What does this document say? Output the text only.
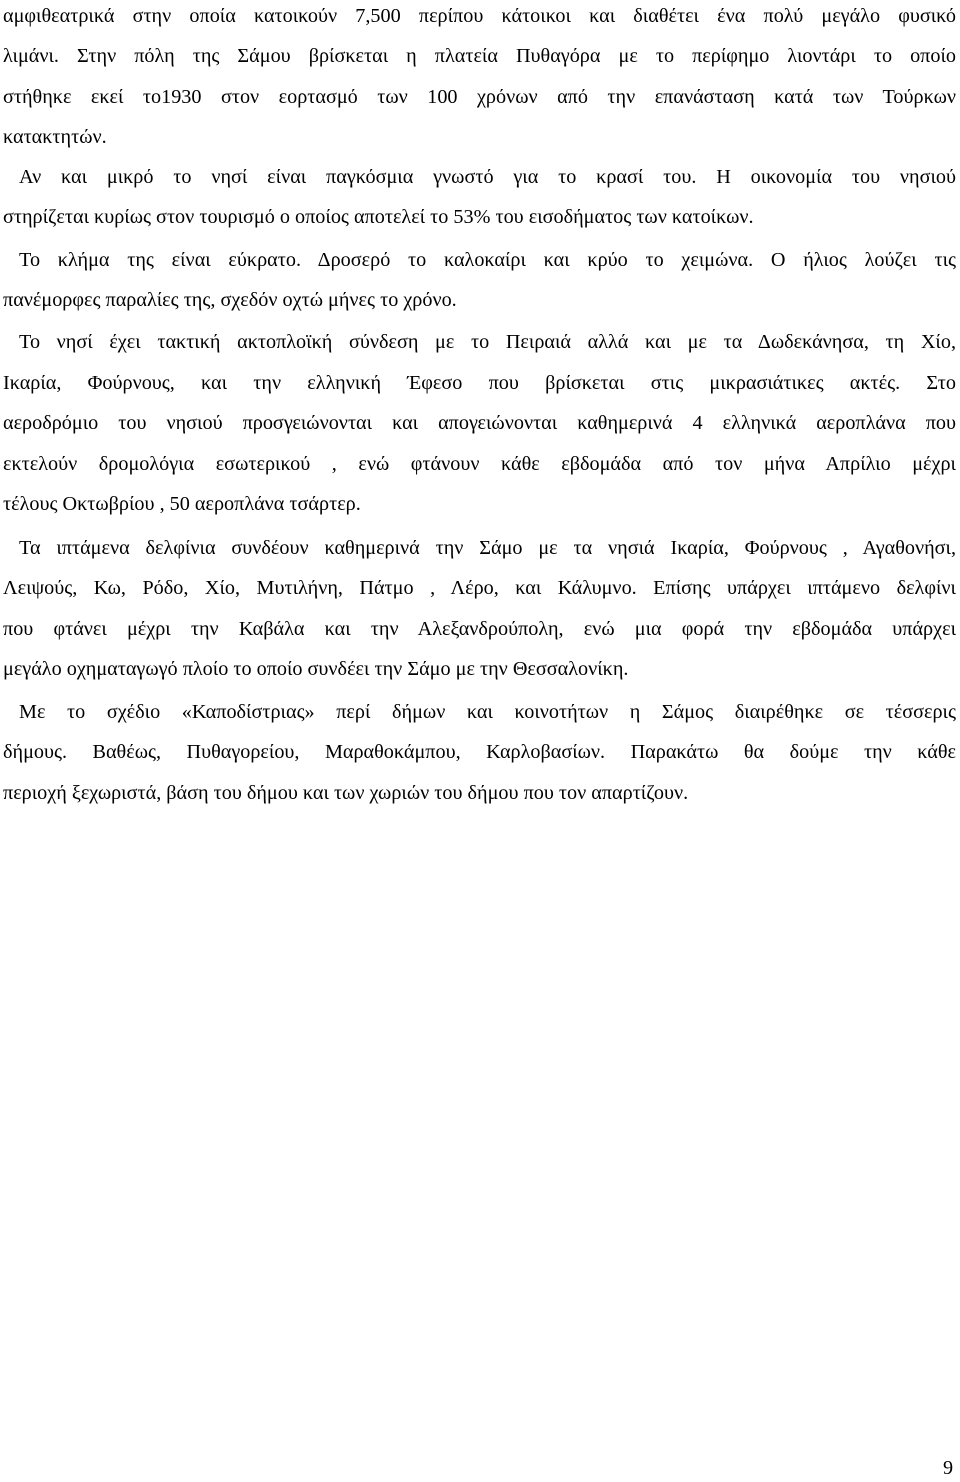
αμφιθεατρικά στην οποία κατοικούν 7,500 περίπου κάτοικοι και διαθέτει ένα πολύ μεγάλο φυσικό
λιμάνι. Στην πόλη της Σάμου βρίσκεται η πλατεία Πυθαγόρα με το περίφημο λιοντάρι το οποίο
στήθηκε εκεί το1930 στον εορτασμό των 100 χρόνων από την επανάσταση κατά των Τούρκων
κατακτητών.
Αν και μικρό το νησί είναι παγκόσμια γνωστό για το κρασί του. Η οικονομία του νησιού
στηρίζεται κυρίως στον τουρισμό ο οποίος αποτελεί το 53% του εισοδήματος των κατοίκων.
Το κλήμα της είναι εύκρατο. Δροσερό το καλοκαίρι και κρύο το χειμώνα. Ο ήλιος λούζει τις
πανέμορφες παραλίες της, σχεδόν οχτώ μήνες το χρόνο.
Το νησί έχει τακτική ακτοπλοϊκή σύνδεση με το Πειραιά αλλά και με τα Δωδεκάνησα, τη Χίο,
Ικαρία, Φούρνους, και την ελληνική Έφεσο που βρίσκεται στις μικρασιάτικες ακτές. Στο
αεροδρόμιο του νησιού προσγειώνονται και απογειώνονται καθημερινά 4 ελληνικά αεροπλάνα που
εκτελούν δρομολόγια εσωτερικού , ενώ φτάνουν κάθε εβδομάδα από τον μήνα Απρίλιο μέχρι
τέλους Οκτωβρίου , 50 αεροπλάνα τσάρτερ.
Τα ιπτάμενα δελφίνια συνδέουν καθημερινά την Σάμο με τα νησιά Ικαρία, Φούρνους , Αγαθονήσι,
Λειψούς, Κω, Ρόδο, Χίο, Μυτιλήνη, Πάτμο , Λέρο, και Κάλυμνο. Επίσης υπάρχει ιπτάμενο δελφίνι
που φτάνει μέχρι την Καβάλα και την Αλεξανδρούπολη, ενώ μια φορά την εβδομάδα υπάρχει
μεγάλο οχηματαγωγό πλοίο το οποίο συνδέει την Σάμο με την Θεσσαλονίκη.
Με το σχέδιο «Καποδίστριας» περί δήμων και κοινοτήτων η Σάμος διαιρέθηκε σε τέσσερις
δήμους. Βαθέως, Πυθαγορείου, Μαραθοκάμπου, Καρλοβασίων. Παρακάτω θα δούμε την κάθε
περιοχή ξεχωριστά, βάση του δήμου και των χωριών του δήμου που τον απαρτίζουν.
9
